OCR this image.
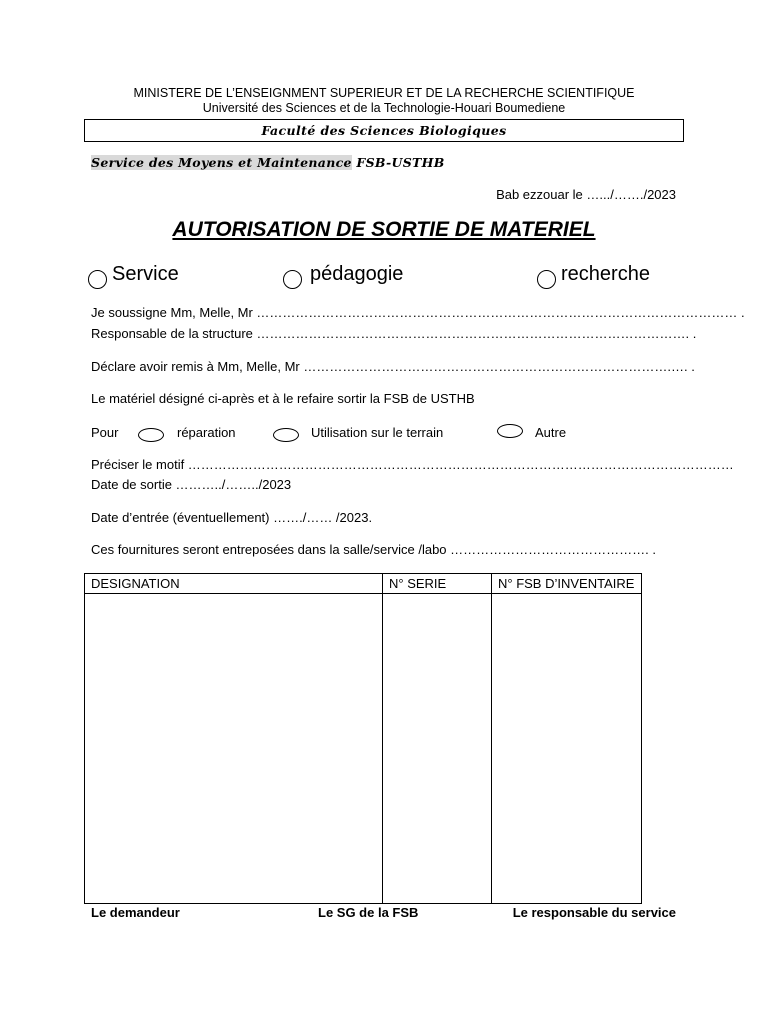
MINISTERE DE L’ENSEIGNMENT SUPERIEUR ET DE LA RECHERCHE SCIENTIFIQUE
Université des Sciences et de la Technologie-Houari Boumediene
Faculté des Sciences Biologiques
Service des Moyens et Maintenance FSB-USTHB
Bab ezzouar le ….../……./2023
AUTORISATION DE SORTIE DE MATERIEL
Service	pédagogie	recherche
Je soussigne Mm, Melle, Mr ………………………………………………………………………………………………… .
Responsable de la structure ………………………………………………………………………………………. .
Déclare avoir remis à Mm, Melle, Mr ………………………………………………………………………….…. .
Le matériel désigné ci-après et à le refaire sortir la FSB de USTHB
Pour	réparation	Utilisation sur le terrain	Autre
Préciser le motif ………………………………………………………………………………………………………………
Date de sortie ………../……../2023
Date d’entrée (éventuellement) ……./…… /2023.
Ces fournitures seront entreposées dans la salle/service /labo ………………………………………. .
DESIGNATION	N° SERIE	N° FSB D’INVENTAIRE

Le demandeur	Le SG de la FSB	Le responsable du service
